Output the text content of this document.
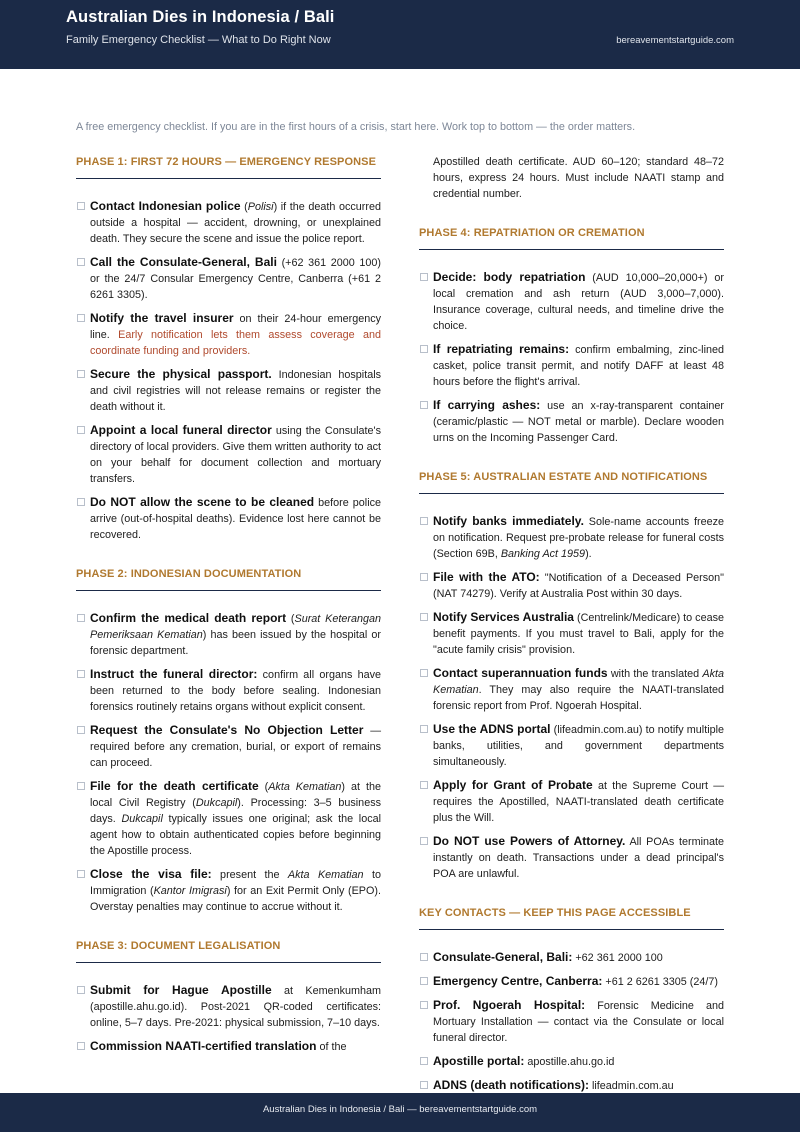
Australian Dies in Indonesia / Bali
Family Emergency Checklist — What to Do Right Now	bereavementstartguide.com
A free emergency checklist. If you are in the first hours of a crisis, start here. Work top to bottom — the order matters.
PHASE 1: FIRST 72 HOURS — EMERGENCY RESPONSE
Contact Indonesian police (Polisi) if the death occurred outside a hospital — accident, drowning, or unexplained death. They secure the scene and issue the police report.
Call the Consulate-General, Bali (+62 361 2000 100) or the 24/7 Consular Emergency Centre, Canberra (+61 2 6261 3305).
Notify the travel insurer on their 24-hour emergency line. Early notification lets them assess coverage and coordinate funding and providers.
Secure the physical passport. Indonesian hospitals and civil registries will not release remains or register the death without it.
Appoint a local funeral director using the Consulate's directory of local providers. Give them written authority to act on your behalf for document collection and mortuary transfers.
Do NOT allow the scene to be cleaned before police arrive (out-of-hospital deaths). Evidence lost here cannot be recovered.
PHASE 2: INDONESIAN DOCUMENTATION
Confirm the medical death report (Surat Keterangan Pemeriksaan Kematian) has been issued by the hospital or forensic department.
Instruct the funeral director: confirm all organs have been returned to the body before sealing. Indonesian forensics routinely retains organs without explicit consent.
Request the Consulate's No Objection Letter — required before any cremation, burial, or export of remains can proceed.
File for the death certificate (Akta Kematian) at the local Civil Registry (Dukcapil). Processing: 3–5 business days. Dukcapil typically issues one original; ask the local agent how to obtain authenticated copies before beginning the Apostille process.
Close the visa file: present the Akta Kematian to Immigration (Kantor Imigrasi) for an Exit Permit Only (EPO). Overstay penalties may continue to accrue without it.
PHASE 3: DOCUMENT LEGALISATION
Submit for Hague Apostille at Kemenkumham (apostille.ahu.go.id). Post-2021 QR-coded certificates: online, 5–7 days. Pre-2021: physical submission, 7–10 days.
Commission NAATI-certified translation of the
Apostilled death certificate. AUD 60–120; standard 48–72 hours, express 24 hours. Must include NAATI stamp and credential number.
PHASE 4: REPATRIATION OR CREMATION
Decide: body repatriation (AUD 10,000–20,000+) or local cremation and ash return (AUD 3,000–7,000). Insurance coverage, cultural needs, and timeline drive the choice.
If repatriating remains: confirm embalming, zinc-lined casket, police transit permit, and notify DAFF at least 48 hours before the flight's arrival.
If carrying ashes: use an x-ray-transparent container (ceramic/plastic — NOT metal or marble). Declare wooden urns on the Incoming Passenger Card.
PHASE 5: AUSTRALIAN ESTATE AND NOTIFICATIONS
Notify banks immediately. Sole-name accounts freeze on notification. Request pre-probate release for funeral costs (Section 69B, Banking Act 1959).
File with the ATO: "Notification of a Deceased Person" (NAT 74279). Verify at Australia Post within 30 days.
Notify Services Australia (Centrelink/Medicare) to cease benefit payments. If you must travel to Bali, apply for the "acute family crisis" provision.
Contact superannuation funds with the translated Akta Kematian. They may also require the NAATI-translated forensic report from Prof. Ngoerah Hospital.
Use the ADNS portal (lifeadmin.com.au) to notify multiple banks, utilities, and government departments simultaneously.
Apply for Grant of Probate at the Supreme Court — requires the Apostilled, NAATI-translated death certificate plus the Will.
Do NOT use Powers of Attorney. All POAs terminate instantly on death. Transactions under a dead principal's POA are unlawful.
KEY CONTACTS — KEEP THIS PAGE ACCESSIBLE
Consulate-General, Bali: +62 361 2000 100
Emergency Centre, Canberra: +61 2 6261 3305 (24/7)
Prof. Ngoerah Hospital: Forensic Medicine and Mortuary Installation — contact via the Consulate or local funeral director.
Apostille portal: apostille.ahu.go.id
ADNS (death notifications): lifeadmin.com.au
Australian Dies in Indonesia / Bali — bereavementstartguide.com
